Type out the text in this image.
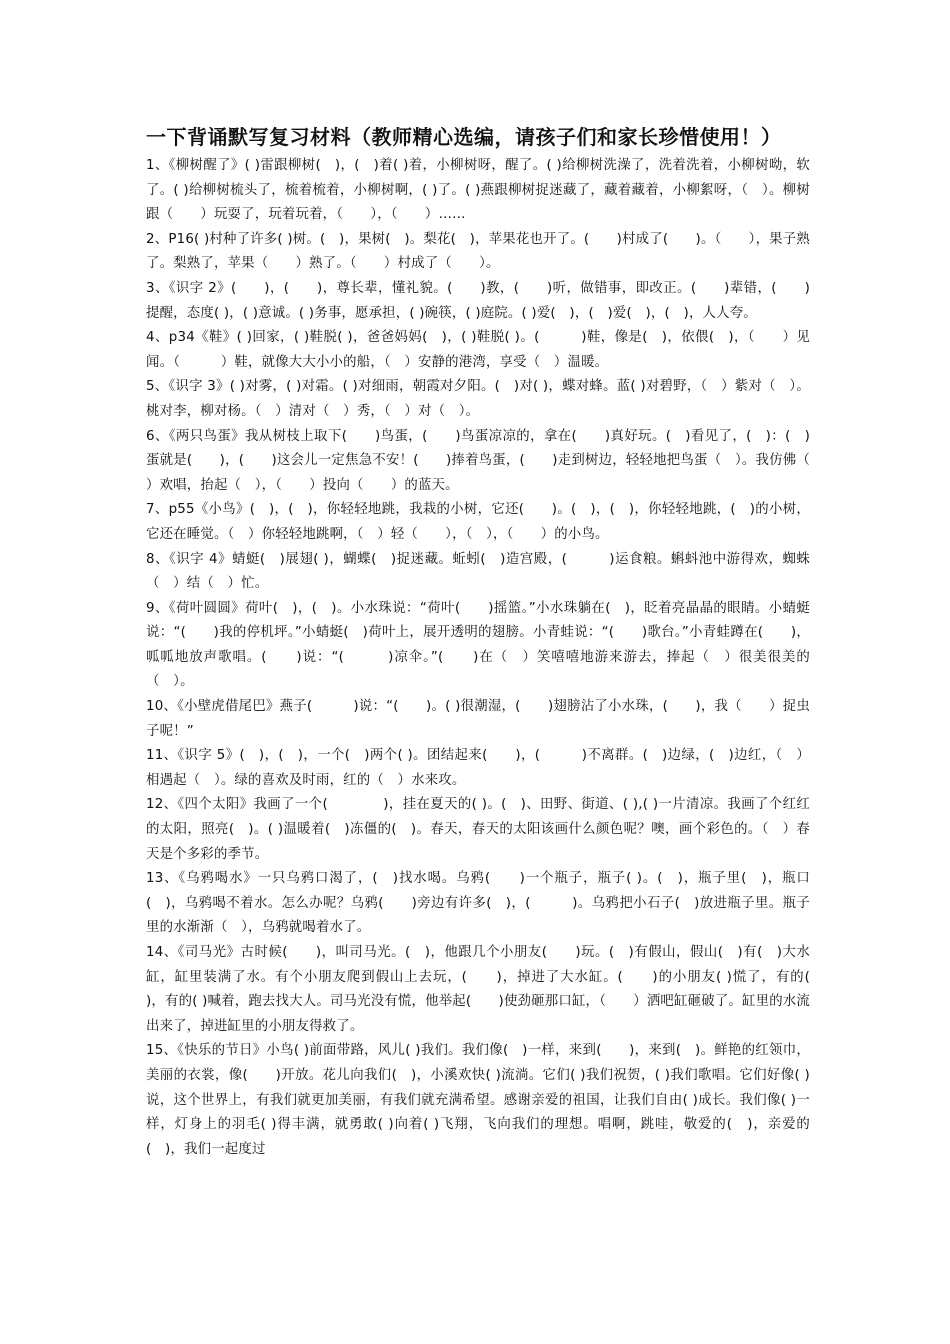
一下背诵默写复习材料（教师精心选编，请孩子们和家长珍惜使用！）

1、《柳树醒了》( )雷跟柳树(　)，(　)着( )着，小柳树呀，醒了。( )给柳树洗澡了，洗着洗着，小柳树呦，软了。( )给柳树梳头了，梳着梳着，小柳树啊，( )了。( )燕跟柳树捉迷藏了，藏着藏着，小柳絮呀，（　）。柳树跟（　　）玩耍了，玩着玩着，（　　），（　　）……

2、P16( )村种了许多( )树。(　)，果树(　)。梨花(　)，苹果花也开了。(　　)村成了(　　)。（　　），果子熟了。梨熟了，苹果（　　）熟了。（　　）村成了（　　）。

3、《识字 2》(　　)，(　　)，尊长辈，懂礼貌。(　　)教，(　　)听，做错事，即改正。(　　)辈错，(　　)提醒，态度( )，( )意诚。( )务事，愿承担，( )碗筷，( )庭院。( )爱(　)，(　)爱(　)，(　)，人人夸。

4、p34《鞋》( )回家，( )鞋脱( )，爸爸妈妈(　)，( )鞋脱( )。(　　　)鞋，像是(　)，依偎(　)，（　　）见闻。（　　　）鞋，就像大大小小的船，（　）安静的港湾，享受（　）温暖。

5、《识字 3》( )对雾，( )对霜。( )对细雨，朝霞对夕阳。(　)对( )，蝶对蜂。蓝( )对碧野，（　）紫对（　）。桃对李，柳对杨。（　）清对（　）秀，（　）对（　）。

6、《两只鸟蛋》我从树枝上取下(　　)鸟蛋，(　　)鸟蛋凉凉的，拿在(　　)真好玩。(　)看见了，(　)：(　)蛋就是(　　)，(　　)这会儿一定焦急不安！(　　)捧着鸟蛋，(　　)走到树边，轻轻地把鸟蛋（　）。我仿佛（　　）欢唱，抬起（　），（　　）投向（　　）的蓝天。

7、p55《小鸟》(　)，(　)，你轻轻地跳，我栽的小树，它还(　　)。(　)，(　)，你轻轻地跳，(　)的小树，它还在睡觉。（　）你轻轻地跳啊，（　）轻（　　），（　），（　　）的小鸟。

8、《识字 4》蜻蜓(　)展翅( )，蝴蝶(　)捉迷藏。蚯蚓(　)造宫殿，(　　　)运食粮。蝌蚪池中游得欢，蜘蛛（　）结（　）忙。

9、《荷叶圆圆》荷叶(　)，(　)。小水珠说：“荷叶(　　)摇篮。”小水珠躺在(　)，眨着亮晶晶的眼睛。小蜻蜓说：“(　　)我的停机坪。”小蜻蜓(　)荷叶上，展开透明的翅膀。小青蛙说：“(　　)歌台。”小青蛙蹲在(　　)，呱呱地放声歌唱。(　　)说：“(　　　)凉伞。”(　　)在（　）笑嘻嘻地游来游去，捧起（　）很美很美的（　）。

10、《小壁虎借尾巴》燕子(　　　)说：“(　　)。( )很潮湿，(　　)翅膀沾了小水珠，(　　)，我（　　）捉虫子呢！”

11、《识字 5》(　)，(　)，一个(　)两个( )。团结起来(　　)，(　　　)不离群。(　)边绿，(　)边红，（　）相遇起（　）。绿的喜欢及时雨，红的（　）水来攻。

12、《四个太阳》我画了一个(　　　　)，挂在夏天的( )。(　)、田野、街道、( ),( )一片清凉。我画了个红红的太阳，照亮(　)。( )温暖着(　)冻僵的(　)。春天，春天的太阳该画什么颜色呢？噢，画个彩色的。（　）春天是个多彩的季节。

13、《乌鸦喝水》一只乌鸦口渴了，(　)找水喝。乌鸦(　　)一个瓶子，瓶子( )。(　)，瓶子里(　)，瓶口(　)，乌鸦喝不着水。怎么办呢？乌鸦(　　)旁边有许多(　)，(　　　)。乌鸦把小石子(　)放进瓶子里。瓶子里的水渐渐（　），乌鸦就喝着水了。

14、《司马光》古时候(　　)，叫司马光。(　)，他跟几个小朋友(　　)玩。(　)有假山，假山(　)有(　)大水缸，缸里装满了水。有个小朋友爬到假山上去玩，(　　)，掉进了大水缸。(　　)的小朋友( )慌了，有的(　　)，有的( )喊着，跑去找大人。司马光没有慌，他举起(　　)使劲砸那口缸，（　　）洒吧缸砸破了。缸里的水流出来了，掉进缸里的小朋友得救了。

15、《快乐的节日》小鸟( )前面带路，风儿( )我们。我们像(　)一样，来到(　　)，来到(　)。鲜艳的红领巾，美丽的衣裳，像(　　)开放。花儿向我们(　)，小溪欢快( )流淌。它们( )我们祝贺，( )我们歌唱。它们好像( )说，这个世界上，有我们就更加美丽，有我们就充满希望。感谢亲爱的祖国，让我们自由( )成长。我们像( )一样，灯身上的羽毛( )得丰满，就勇敢( )向着( )飞翔，飞向我们的理想。唱啊，跳哇，敬爱的(　)，亲爱的(　)，我们一起度过
